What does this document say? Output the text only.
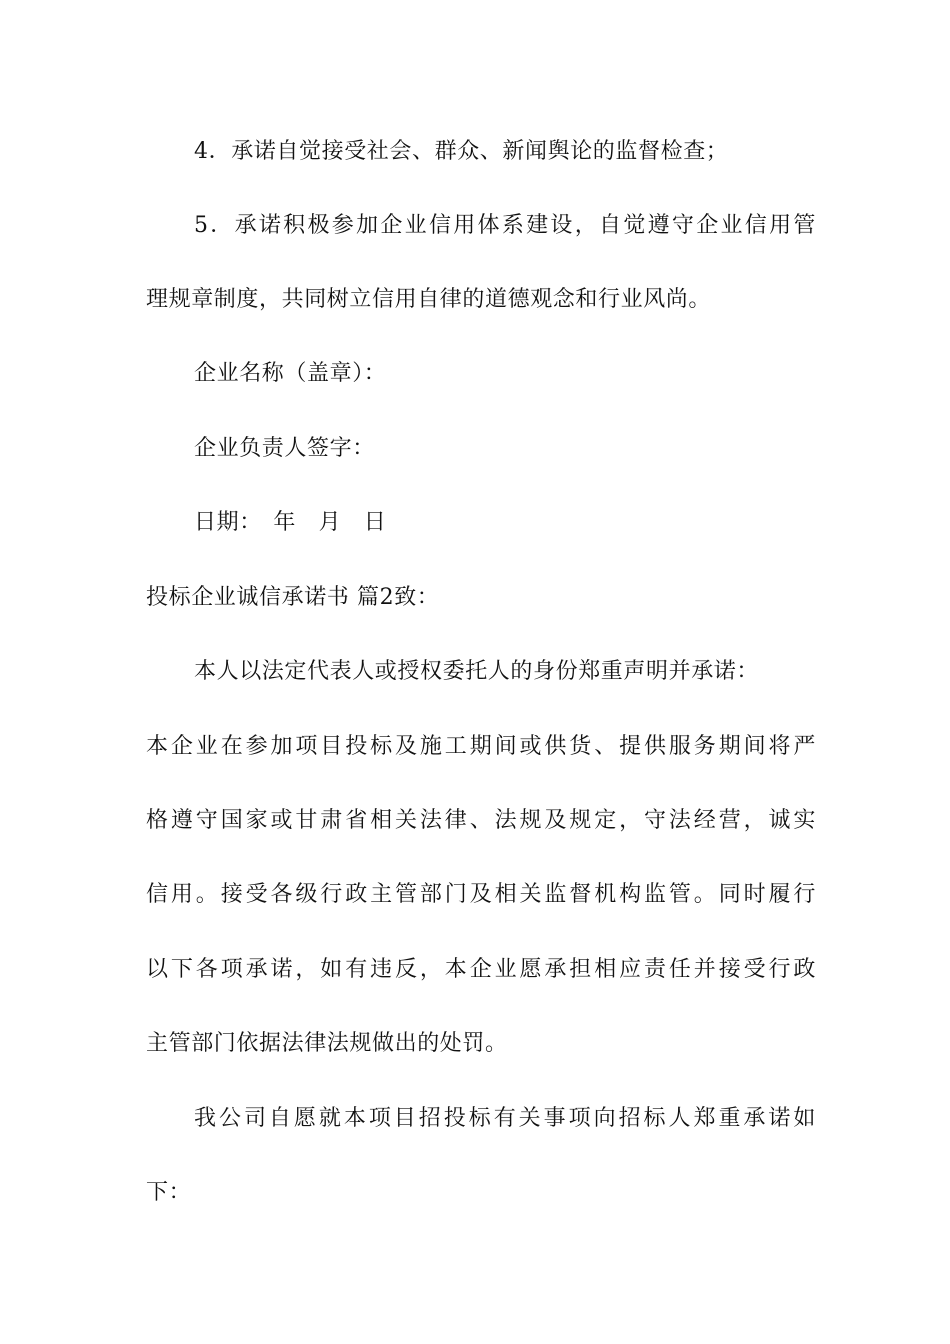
4．承诺自觉接受社会、群众、新闻舆论的监督检查；
5．承诺积极参加企业信用体系建设，自觉遵守企业信用管
理规章制度，共同树立信用自律的道德观念和行业风尚。
企业名称（盖章）：
企业负责人签字：
日期：　年　月　日
投标企业诚信承诺书 篇2致：
本人以法定代表人或授权委托人的身份郑重声明并承诺：
本企业在参加项目投标及施工期间或供货、提供服务期间将严
格遵守国家或甘肃省相关法律、法规及规定，守法经营，诚实
信用。接受各级行政主管部门及相关监督机构监管。同时履行
以下各项承诺，如有违反，本企业愿承担相应责任并接受行政
主管部门依据法律法规做出的处罚。
我公司自愿就本项目招投标有关事项向招标人郑重承诺如
下：
